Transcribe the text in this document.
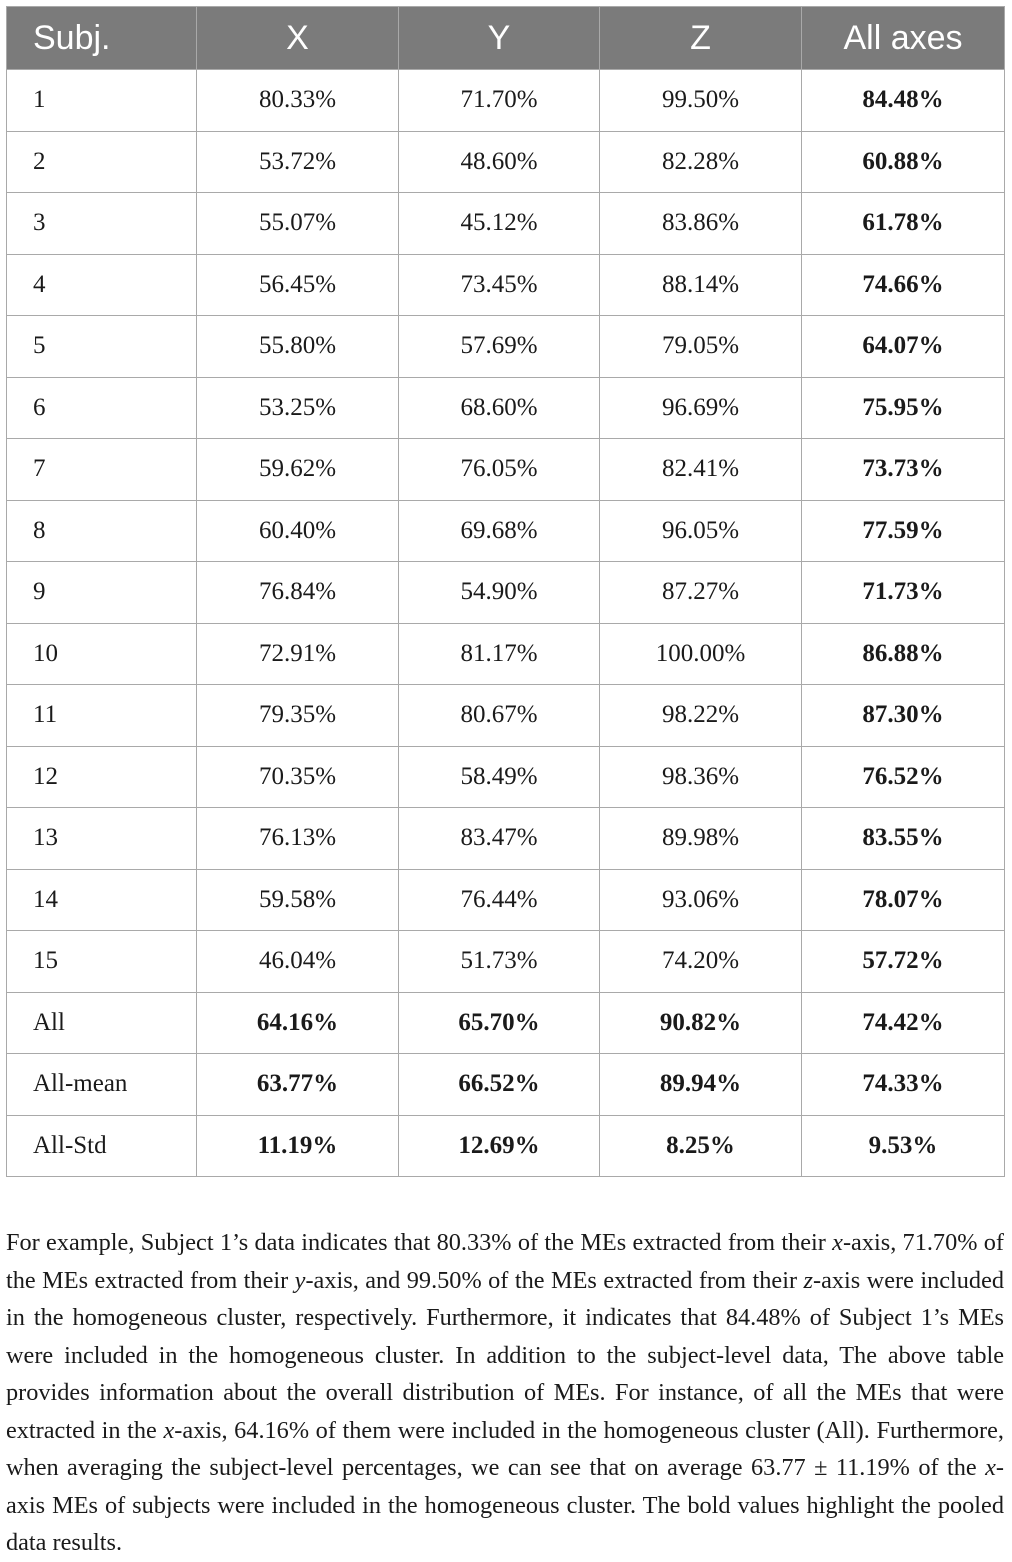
Subj.	X	Y	Z	All axes
1	80.33%	71.70%	99.50%	84.48%
2	53.72%	48.60%	82.28%	60.88%
3	55.07%	45.12%	83.86%	61.78%
4	56.45%	73.45%	88.14%	74.66%
5	55.80%	57.69%	79.05%	64.07%
6	53.25%	68.60%	96.69%	75.95%
7	59.62%	76.05%	82.41%	73.73%
8	60.40%	69.68%	96.05%	77.59%
9	76.84%	54.90%	87.27%	71.73%
10	72.91%	81.17%	100.00%	86.88%
11	79.35%	80.67%	98.22%	87.30%
12	70.35%	58.49%	98.36%	76.52%
13	76.13%	83.47%	89.98%	83.55%
14	59.58%	76.44%	93.06%	78.07%
15	46.04%	51.73%	74.20%	57.72%
All	64.16%	65.70%	90.82%	74.42%
All-mean	63.77%	66.52%	89.94%	74.33%
All-Std	11.19%	12.69%	8.25%	9.53%

For example, Subject 1’s data indicates that 80.33% of the MEs extracted from their x-axis, 71.70% of the MEs extracted from their y-axis, and 99.50% of the MEs extracted from their z-axis were included in the homogeneous cluster, respectively. Furthermore, it indicates that 84.48% of Subject 1’s MEs were included in the homogeneous cluster. In addition to the subject-level data, The above table provides information about the overall distribution of MEs. For instance, of all the MEs that were extracted in the x-axis, 64.16% of them were included in the homogeneous cluster (All). Furthermore, when averaging the subject-level percentages, we can see that on average 63.77 ± 11.19% of the x-axis MEs of subjects were included in the homogeneous cluster. The bold values highlight the pooled data results.
